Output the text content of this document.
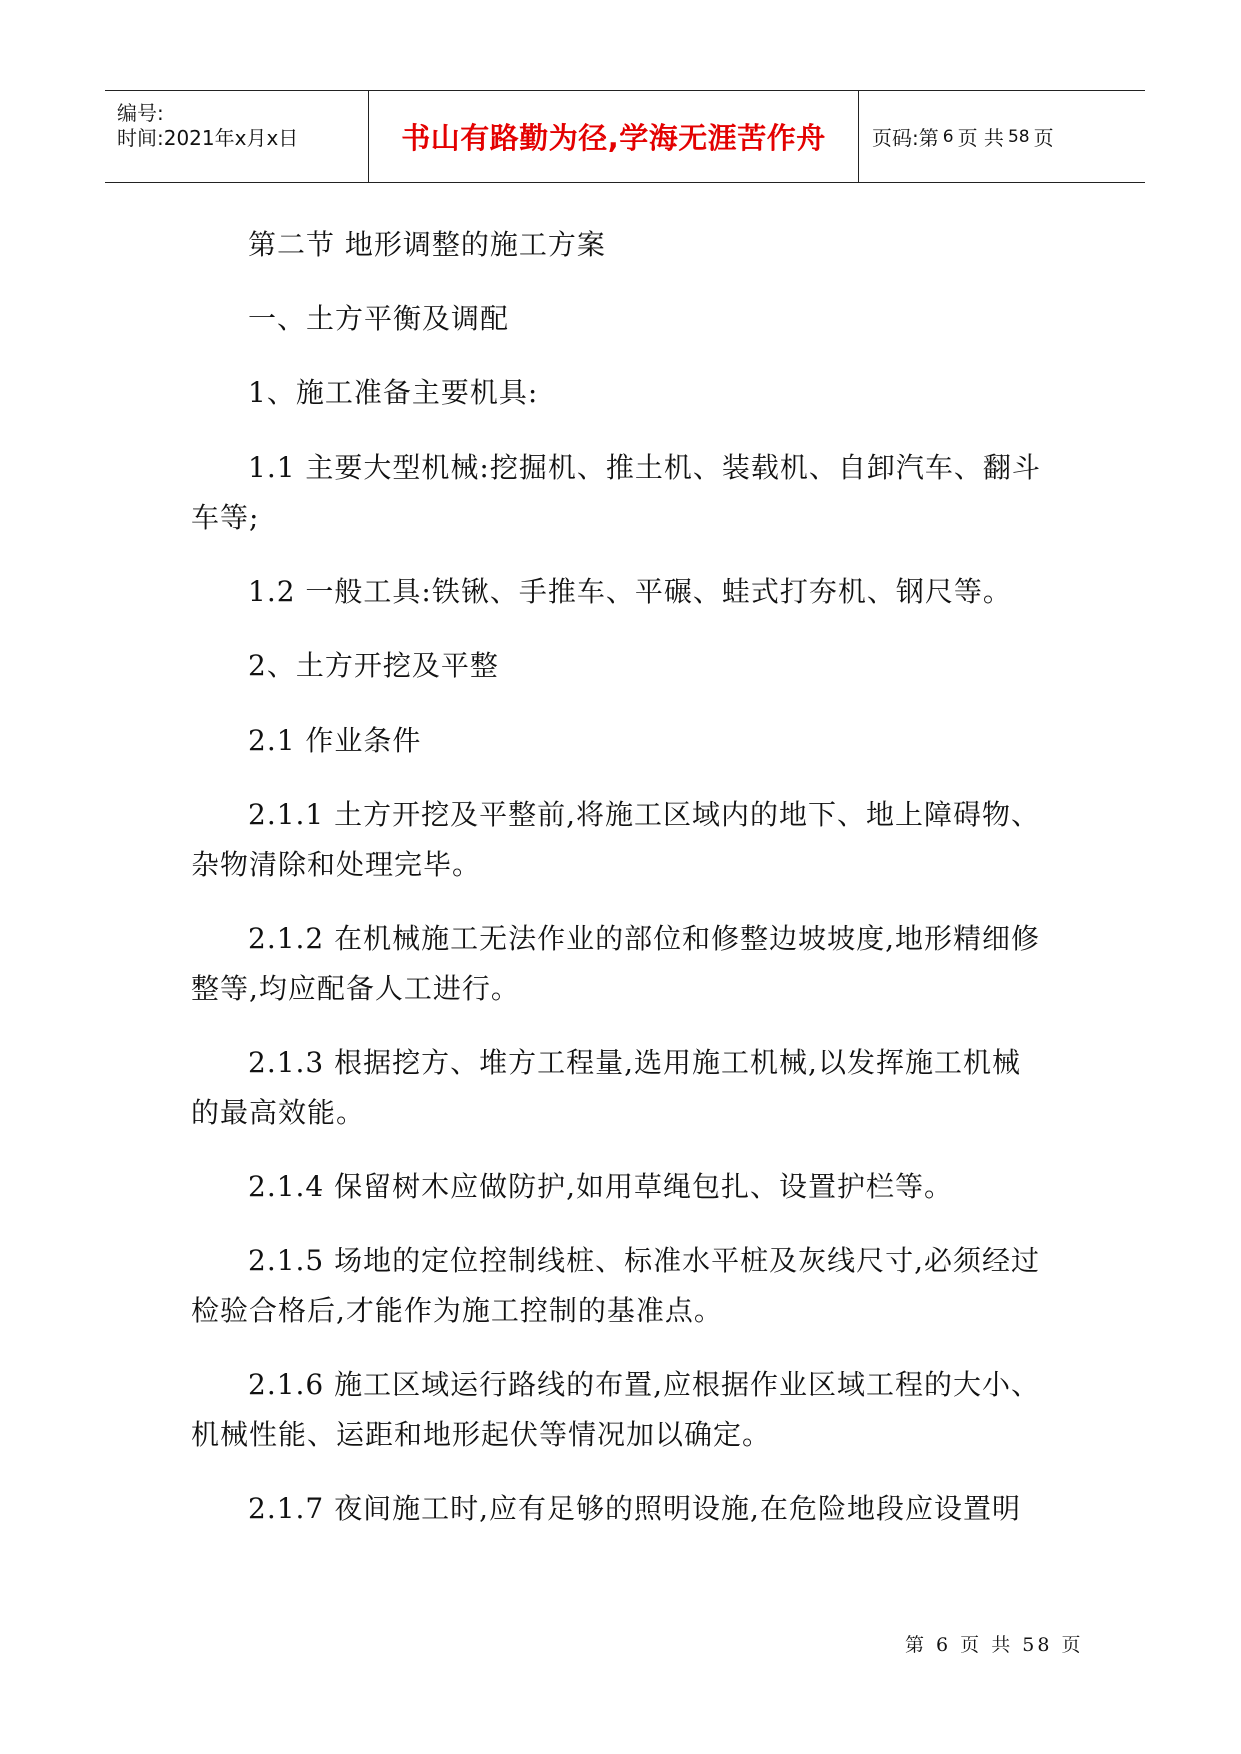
编号:
时间:2021年x月x日	书山有路勤为径,学海无涯苦作舟	页码:第 6 页 共 58 页
第二节 地形调整的施工方案
一、土方平衡及调配
1、施工准备主要机具:
1.1 主要大型机械:挖掘机、推土机、装载机、自卸汽车、翻斗
车等;
1.2 一般工具:铁锹、手推车、平碾、蛙式打夯机、钢尺等。
2、土方开挖及平整
2.1 作业条件
2.1.1 土方开挖及平整前,将施工区域内的地下、地上障碍物、
杂物清除和处理完毕。
2.1.2 在机械施工无法作业的部位和修整边坡坡度,地形精细修
整等,均应配备人工进行。
2.1.3 根据挖方、堆方工程量,选用施工机械,以发挥施工机械
的最高效能。
2.1.4 保留树木应做防护,如用草绳包扎、设置护栏等。
2.1.5 场地的定位控制线桩、标准水平桩及灰线尺寸,必须经过
检验合格后,才能作为施工控制的基准点。
2.1.6 施工区域运行路线的布置,应根据作业区域工程的大小、
机械性能、运距和地形起伏等情况加以确定。
2.1.7 夜间施工时,应有足够的照明设施,在危险地段应设置明
第 6 页 共 58 页
